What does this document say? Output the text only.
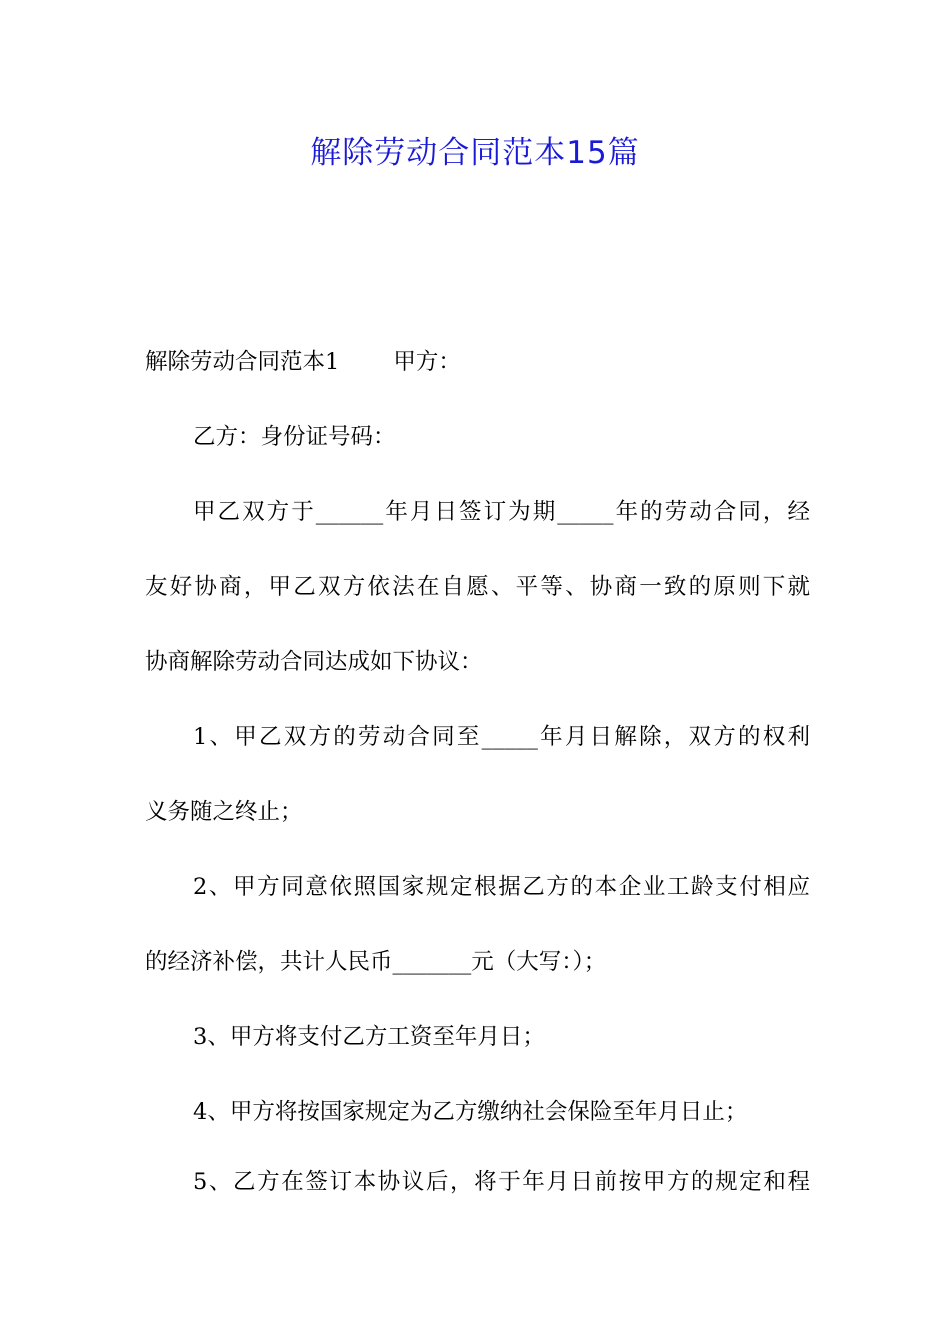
解除劳动合同范本15篇
解除劳动合同范本1 甲方：
乙方：身份证号码：
甲乙双方于______年月日签订为期_____年的劳动合同，经
友好协商，甲乙双方依法在自愿、平等、协商一致的原则下就
协商解除劳动合同达成如下协议：
1、甲乙双方的劳动合同至_____年月日解除，双方的权利
义务随之终止；
2、甲方同意依照国家规定根据乙方的本企业工龄支付相应
的经济补偿，共计人民币_______元（大写：）；
3、甲方将支付乙方工资至年月日；
4、甲方将按国家规定为乙方缴纳社会保险至年月日止；
5、乙方在签订本协议后，将于年月日前按甲方的规定和程
